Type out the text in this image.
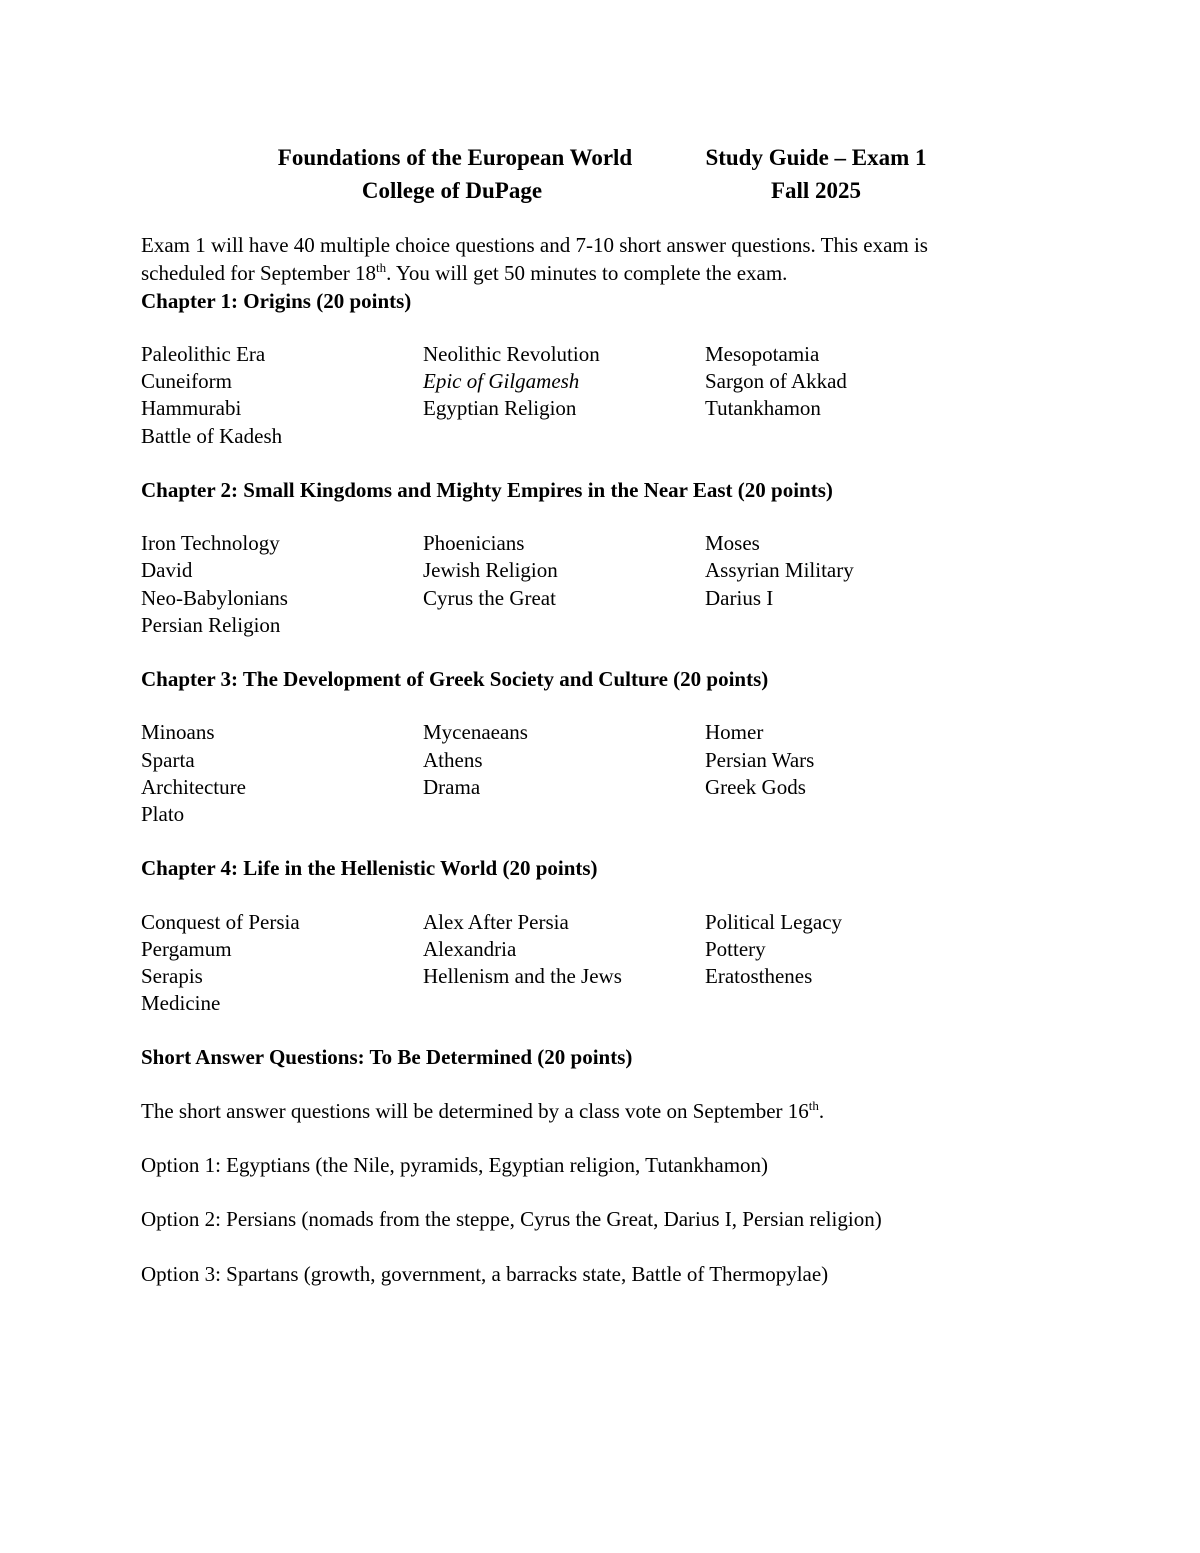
Foundations of the European World	Study Guide – Exam 1
College of DuPage	Fall 2025
Exam 1 will have 40 multiple choice questions and 7-10 short answer questions. This exam is
scheduled for September 18th. You will get 50 minutes to complete the exam.
Chapter 1: Origins (20 points)
Paleolithic Era	Neolithic Revolution	Mesopotamia
Cuneiform	Epic of Gilgamesh	Sargon of Akkad
Hammurabi	Egyptian Religion	Tutankhamon
Battle of Kadesh
Chapter 2: Small Kingdoms and Mighty Empires in the Near East (20 points)
Iron Technology	Phoenicians	Moses
David	Jewish Religion	Assyrian Military
Neo-Babylonians	Cyrus the Great	Darius I
Persian Religion
Chapter 3: The Development of Greek Society and Culture (20 points)
Minoans	Mycenaeans	Homer
Sparta	Athens	Persian Wars
Architecture	Drama	Greek Gods
Plato
Chapter 4: Life in the Hellenistic World (20 points)
Conquest of Persia	Alex After Persia	Political Legacy
Pergamum	Alexandria	Pottery
Serapis	Hellenism and the Jews	Eratosthenes
Medicine
Short Answer Questions: To Be Determined (20 points)
The short answer questions will be determined by a class vote on September 16th.
Option 1: Egyptians (the Nile, pyramids, Egyptian religion, Tutankhamon)
Option 2: Persians (nomads from the steppe, Cyrus the Great, Darius I, Persian religion)
Option 3: Spartans (growth, government, a barracks state, Battle of Thermopylae)
